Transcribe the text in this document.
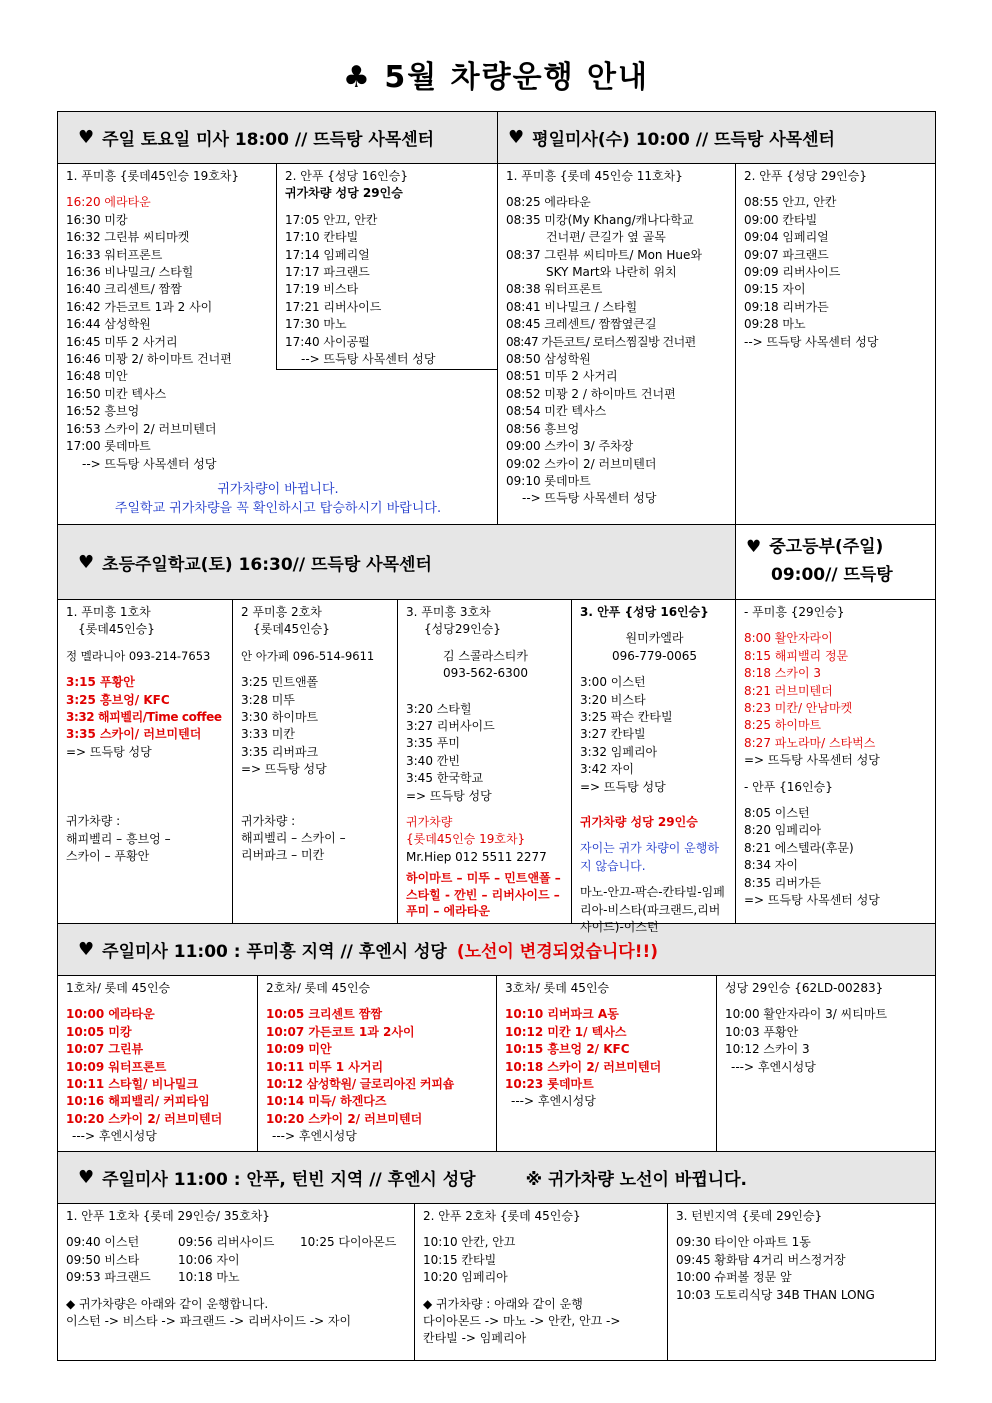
♣ 5월 차량운행 안내
♥ 주일 토요일 미사 18:00 // 뜨득탕 사목센터	♥ 평일미사(수) 10:00 // 뜨득탕 사목센터
1. 푸미흥 {롯데45인승 19호차}
16:20 에라타운
16:30 미캉
16:32 그린뷰 씨티마켓
16:33 워터프론트
16:36 비나밀크/ 스타힐
16:40 크리센트/ 짬짬
16:42 가든코트 1과 2 사이
16:44 삼성학원
16:45 미뚜 2 사거리
16:46 미꽝 2/ 하이마트 건너편
16:48 미안
16:50 미칸 텍사스
16:52 흥브엉
16:53 스카이 2/ 러브미텐더
17:00 롯데마트
--> 뜨득탕 사목센터 성당
2. 안푸 {성당 16인승}
귀가차량 성당 29인승
17:05 안끄, 안칸
17:10 칸타빌
17:14 임페리얼
17:17 파크랜드
17:19 비스타
17:21 리버사이드
17:30 마노
17:40 사이공펄
--> 뜨득탕 사목센터 성당
귀가차량이 바뀝니다.
주일학교 귀가차량을 꼭 확인하시고 탑승하시기 바랍니다.
1. 푸미흥 {롯데 45인승 11호차}
08:25 에라타운
08:35 미캉(My Khang/캐나다학교
건너편/ 큰길가 옆 골목
08:37 그린뷰 씨티마트/ Mon Hue와
SKY Mart와 나란히 위치
08:38 워터프론트
08:41 비나밀크 / 스타힐
08:45 크레센트/ 짬짬옆큰길
08:47 가든코트/ 로터스찜질방 건너편
08:50 삼성학원
08:51 미뚜 2 사거리
08:52 미꽝 2 / 하이마트 건너편
08:54 미칸 텍사스
08:56 흥브엉
09:00 스카이 3/ 주차장
09:02 스카이 2/ 러브미텐더
09:10 롯데마트
--> 뜨득탕 사목센터 성당
2. 안푸 {성당 29인승}
08:55 안끄, 안칸
09:00 칸타빌
09:04 임페리얼
09:07 파크랜드
09:09 리버사이드
09:15 자이
09:18 리버가든
09:28 마노
--> 뜨득탕 사목센터 성당
♥ 초등주일학교(토) 16:30// 뜨득탕 사목센터
♥ 중고등부(주일)
09:00// 뜨득탕
1. 푸미흥 1호차
{롯데45인승}
정 멜라니아 093-214-7653
3:15 푸황안
3:25 흥브엉/ KFC
3:32 해피벨리/Time coffee
3:35 스카이/ 러브미텐더
=> 뜨득탕 성당
귀가차량 :
해피벨리 – 흥브엉 –
스카이 – 푸황안
2 푸미흥 2호차
{롯데45인승}
안 아가페 096-514-9611
3:25 민트앤폴
3:28 미뚜
3:30 하이마트
3:33 미칸
3:35 리버파크
=> 뜨득탕 성당
귀가차량 :
해피벨리 – 스카이 –
리버파크 – 미칸
3. 푸미흥 3호차
{성당29인승}
김 스콜라스티카
093-562-6300
3:20 스타힐
3:27 리버사이드
3:35 푸미
3:40 깐빈
3:45 한국학교
=> 뜨득탕 성당
귀가차량
{롯데45인승 19호차}
Mr.Hiep 012 5511 2277
하이마트 – 미뚜 – 민트앤폴 –스타힐 - 깐빈 – 리버사이드 – 푸미 – 에라타운
3. 안푸 {성당 16인승}
원미카엘라
096-779-0065
3:00 이스턴
3:20 비스타
3:25 팍슨 칸타빌
3:27 칸타빌
3:32 임페리아
3:42 자이
=> 뜨득탕 성당
귀가차량 성당 29인승
자이는 귀가 차량이 운행하지 않습니다.
마노-안끄-팍슨-칸타빌-임페리아-비스타(파크랜드,리버사이드)-이스턴
- 푸미흥 {29인승}
8:00 활안자라이
8:15 해피밸리 정문
8:18 스카이 3
8:21 러브미텐더
8:23 미칸/ 안남마켓
8:25 하이마트
8:27 파노라마/ 스타벅스
=> 뜨득탕 사목센터 성당
- 안푸 {16인승}
8:05 이스턴
8:20 임페리아
8:21 에스텔라(후문)
8:34 자이
8:35 리버가든
=> 뜨득탕 사목센터 성당
♥ 주일미사 11:00 : 푸미흥 지역 // 후엔시 성당 (노선이 변경되었습니다!!)
1호차/ 롯데 45인승
10:00 에라타운
10:05 미캉
10:07 그린뷰
10:09 워터프론트
10:11 스타힐/ 비나밀크
10:16 해피밸리/ 커피타임
10:20 스카이 2/ 러브미텐더
---> 후엔시성당
2호차/ 롯데 45인승
10:05 크리센트 짬짬
10:07 가든코트 1과 2사이
10:09 미안
10:11 미뚜 1 사거리
10:12 삼성학원/ 글로리아진 커피숍
10:14 미득/ 하겐다즈
10:20 스카이 2/ 러브미텐더
---> 후엔시성당
3호차/ 롯데 45인승
10:10 리버파크 A동
10:12 미칸 1/ 텍사스
10:15 흥브엉 2/ KFC
10:18 스카이 2/ 러브미텐더
10:23 롯데마트
---> 후엔시성당
성당 29인승 {62LD-00283}
10:00 활안자라이 3/ 씨티마트
10:03 푸황안
10:12 스카이 3
---> 후엔시성당
♥ 주일미사 11:00 : 안푸, 턴빈 지역 // 후엔시 성당	※ 귀가차량 노선이 바뀝니다.
1. 안푸 1호차 {롯데 29인승/ 35호차}
09:40 이스턴	09:56 리버사이드 10:25 다이아몬드
09:50 비스타	10:06 자이
09:53 파크랜드 10:18 마노
◆ 귀가차량은 아래와 같이 운행합니다.
이스턴 -> 비스타 -> 파크랜드 -> 리버사이드 -> 자이
2. 안푸 2호차 {롯데 45인승}
10:10 안칸, 안끄
10:15 칸타빌
10:20 임페리아
◆ 귀가차량 : 아래와 같이 운행
다이아몬드 -> 마노 -> 안칸, 안끄 ->
칸타빌 -> 임페리아
3. 턴빈지역 {롯데 29인승}
09:30 타이안 아파트 1동
09:45 황화탐 4거리 버스정거장
10:00 슈퍼볼 정문 앞
10:03 도토리식당 34B THAN LONG
